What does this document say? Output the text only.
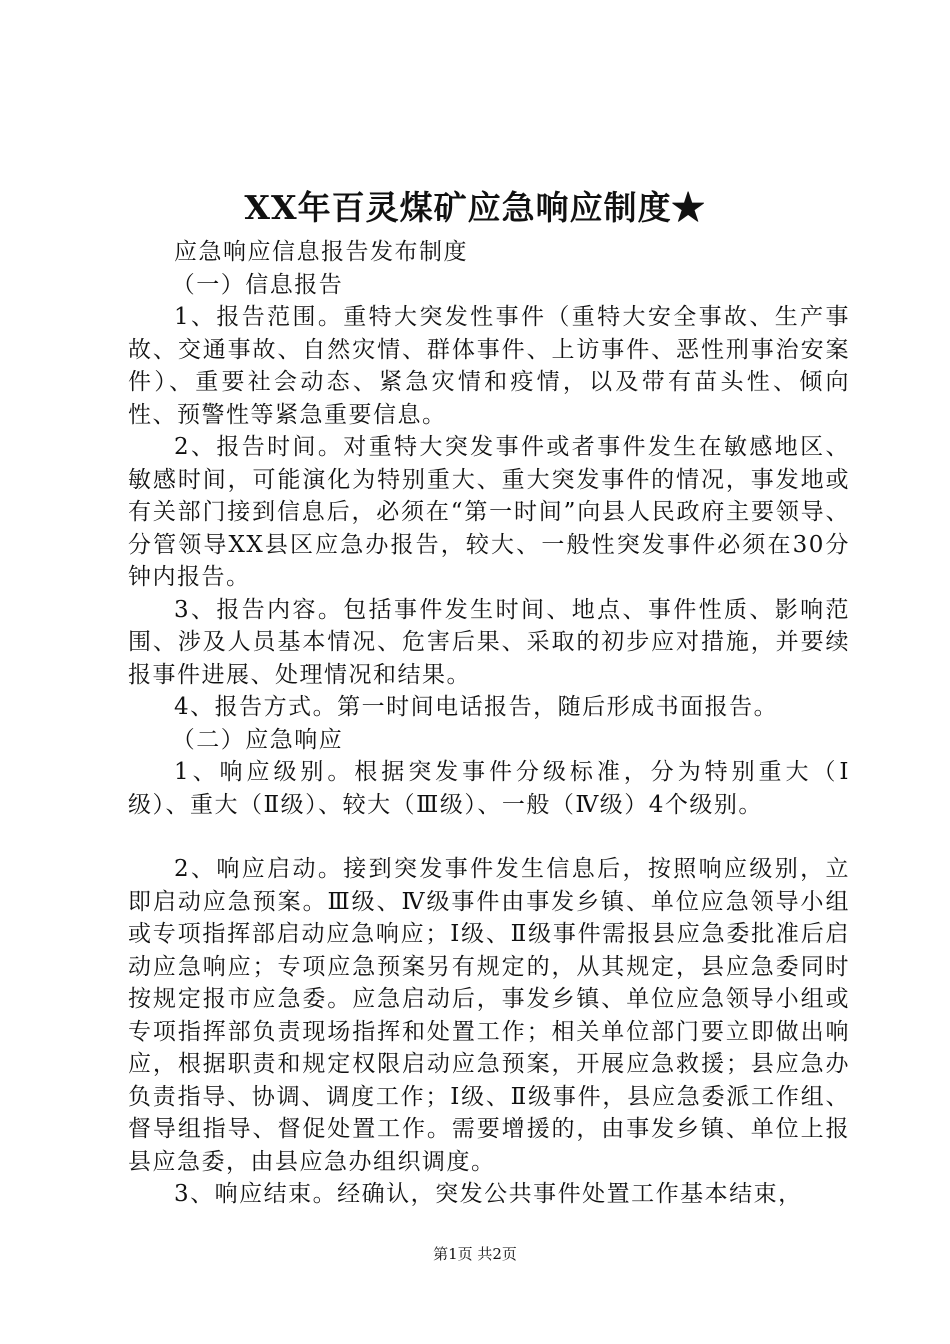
XX年百灵煤矿应急响应制度★

应急响应信息报告发布制度

（一）信息报告

1、报告范围。重特大突发性事件（重特大安全事故、生产事故、交通事故、自然灾情、群体事件、上访事件、恶性刑事治安案件）、重要社会动态、紧急灾情和疫情，以及带有苗头性、倾向性、预警性等紧急重要信息。

2、报告时间。对重特大突发事件或者事件发生在敏感地区、敏感时间，可能演化为特别重大、重大突发事件的情况，事发地或有关部门接到信息后，必须在“第一时间”向县人民政府主要领导、分管领导XX县区应急办报告，较大、一般性突发事件必须在30分钟内报告。

3、报告内容。包括事件发生时间、地点、事件性质、影响范围、涉及人员基本情况、危害后果、采取的初步应对措施，并要续报事件进展、处理情况和结果。

4、报告方式。第一时间电话报告，随后形成书面报告。

（二）应急响应

1、响应级别。根据突发事件分级标准，分为特别重大（Ⅰ级）、重大（Ⅱ级）、较大（Ⅲ级）、一般（Ⅳ级）4个级别。

2、响应启动。接到突发事件发生信息后，按照响应级别，立即启动应急预案。Ⅲ级、Ⅳ级事件由事发乡镇、单位应急领导小组或专项指挥部启动应急响应；Ⅰ级、Ⅱ级事件需报县应急委批准后启动应急响应；专项应急预案另有规定的，从其规定，县应急委同时按规定报市应急委。应急启动后，事发乡镇、单位应急领导小组或专项指挥部负责现场指挥和处置工作；相关单位部门要立即做出响应，根据职责和规定权限启动应急预案，开展应急救援；县应急办负责指导、协调、调度工作；Ⅰ级、Ⅱ级事件，县应急委派工作组、督导组指导、督促处置工作。需要增援的，由事发乡镇、单位上报县应急委，由县应急办组织调度。

3、响应结束。经确认，突发公共事件处置工作基本结束，

第1页 共2页
